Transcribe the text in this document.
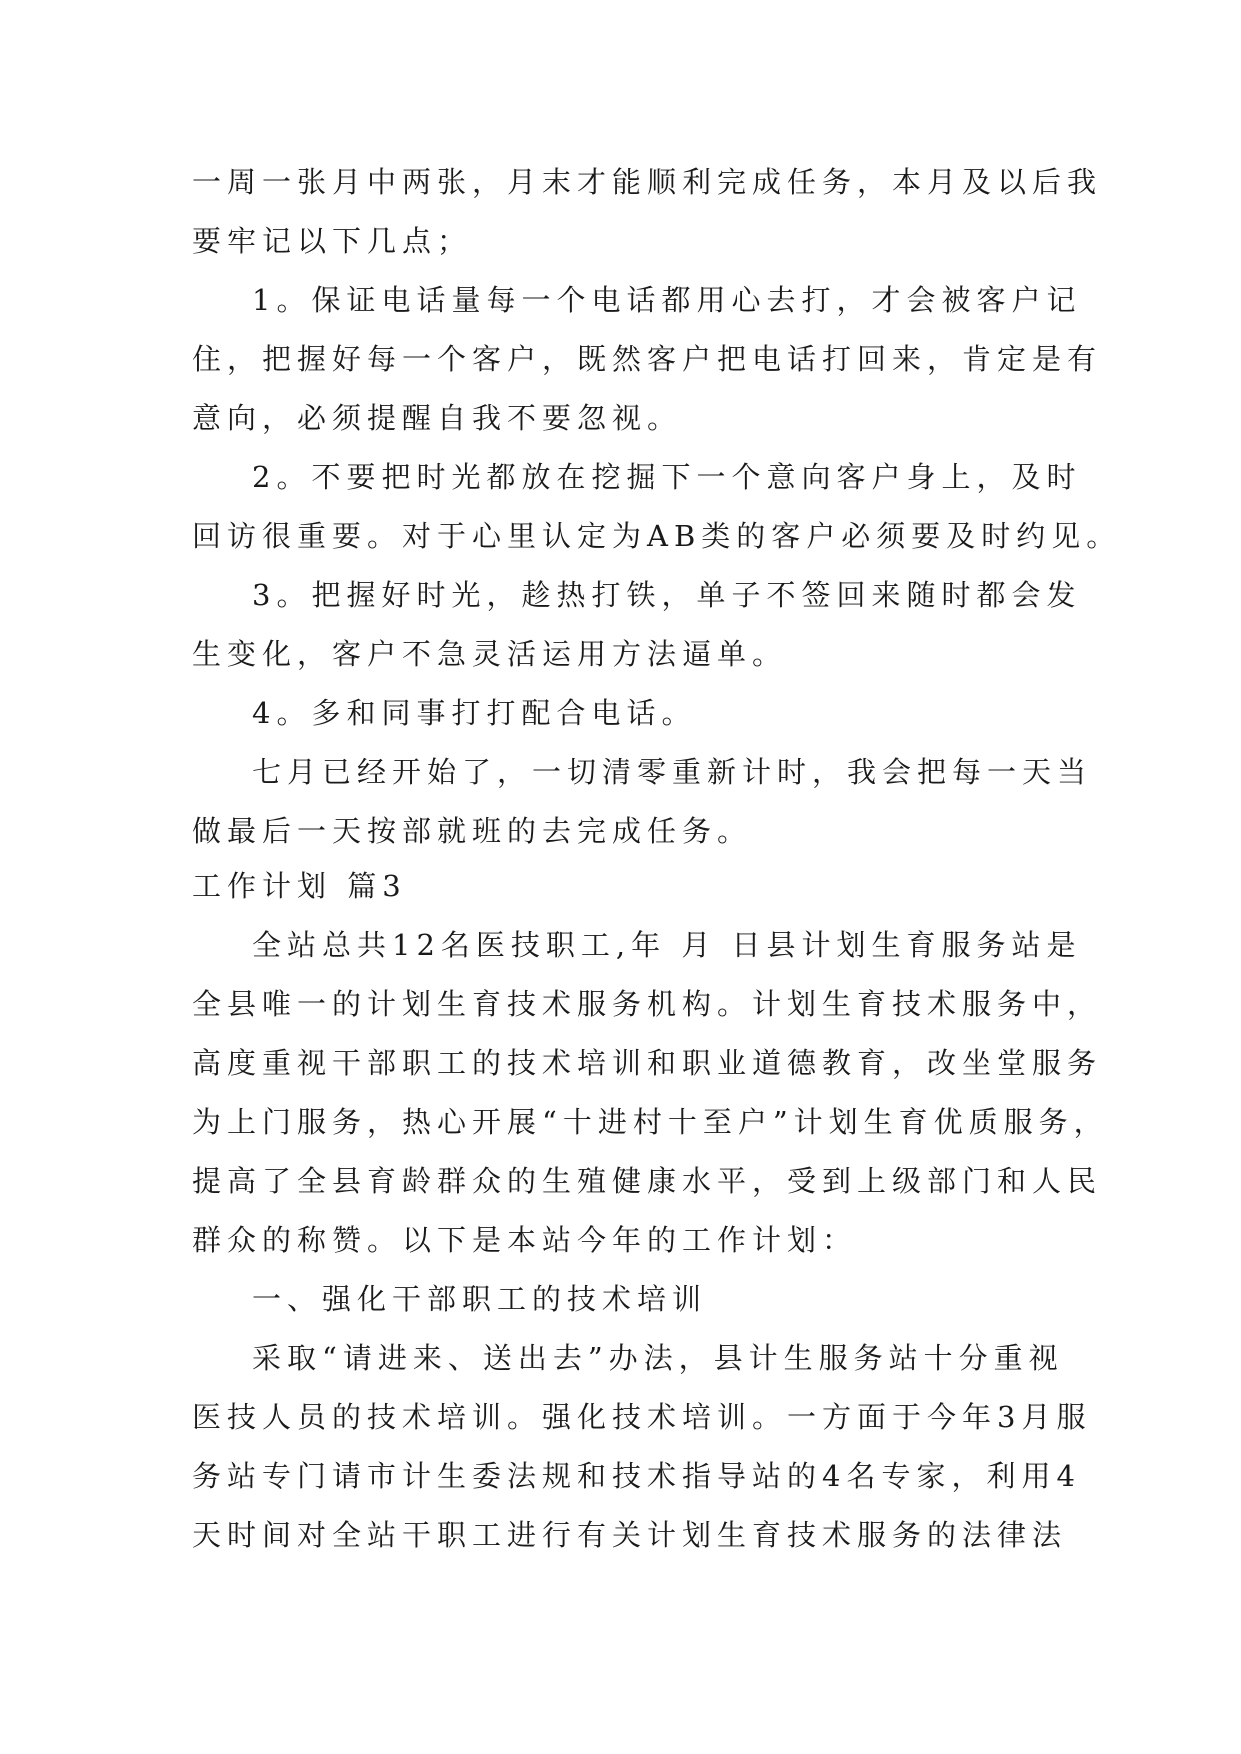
一周一张月中两张，月末才能顺利完成任务，本月及以后我
要牢记以下几点；
1。保证电话量每一个电话都用心去打，才会被客户记
住，把握好每一个客户，既然客户把电话打回来，肯定是有
意向，必须提醒自我不要忽视。
2。不要把时光都放在挖掘下一个意向客户身上，及时
回访很重要。对于心里认定为AB类的客户必须要及时约见。
3。把握好时光，趁热打铁，单子不签回来随时都会发
生变化，客户不急灵活运用方法逼单。
4。多和同事打打配合电话。
七月已经开始了，一切清零重新计时，我会把每一天当
做最后一天按部就班的去完成任务。
工作计划 篇3
全站总共12名医技职工,年 月 日县计划生育服务站是
全县唯一的计划生育技术服务机构。计划生育技术服务中，
高度重视干部职工的技术培训和职业道德教育，改坐堂服务
为上门服务，热心开展“十进村十至户”计划生育优质服务，
提高了全县育龄群众的生殖健康水平，受到上级部门和人民
群众的称赞。以下是本站今年的工作计划：
一、强化干部职工的技术培训
采取“请进来、送出去”办法，县计生服务站十分重视
医技人员的技术培训。强化技术培训。一方面于今年3月服
务站专门请市计生委法规和技术指导站的4名专家，利用4
天时间对全站干职工进行有关计划生育技术服务的法律法
